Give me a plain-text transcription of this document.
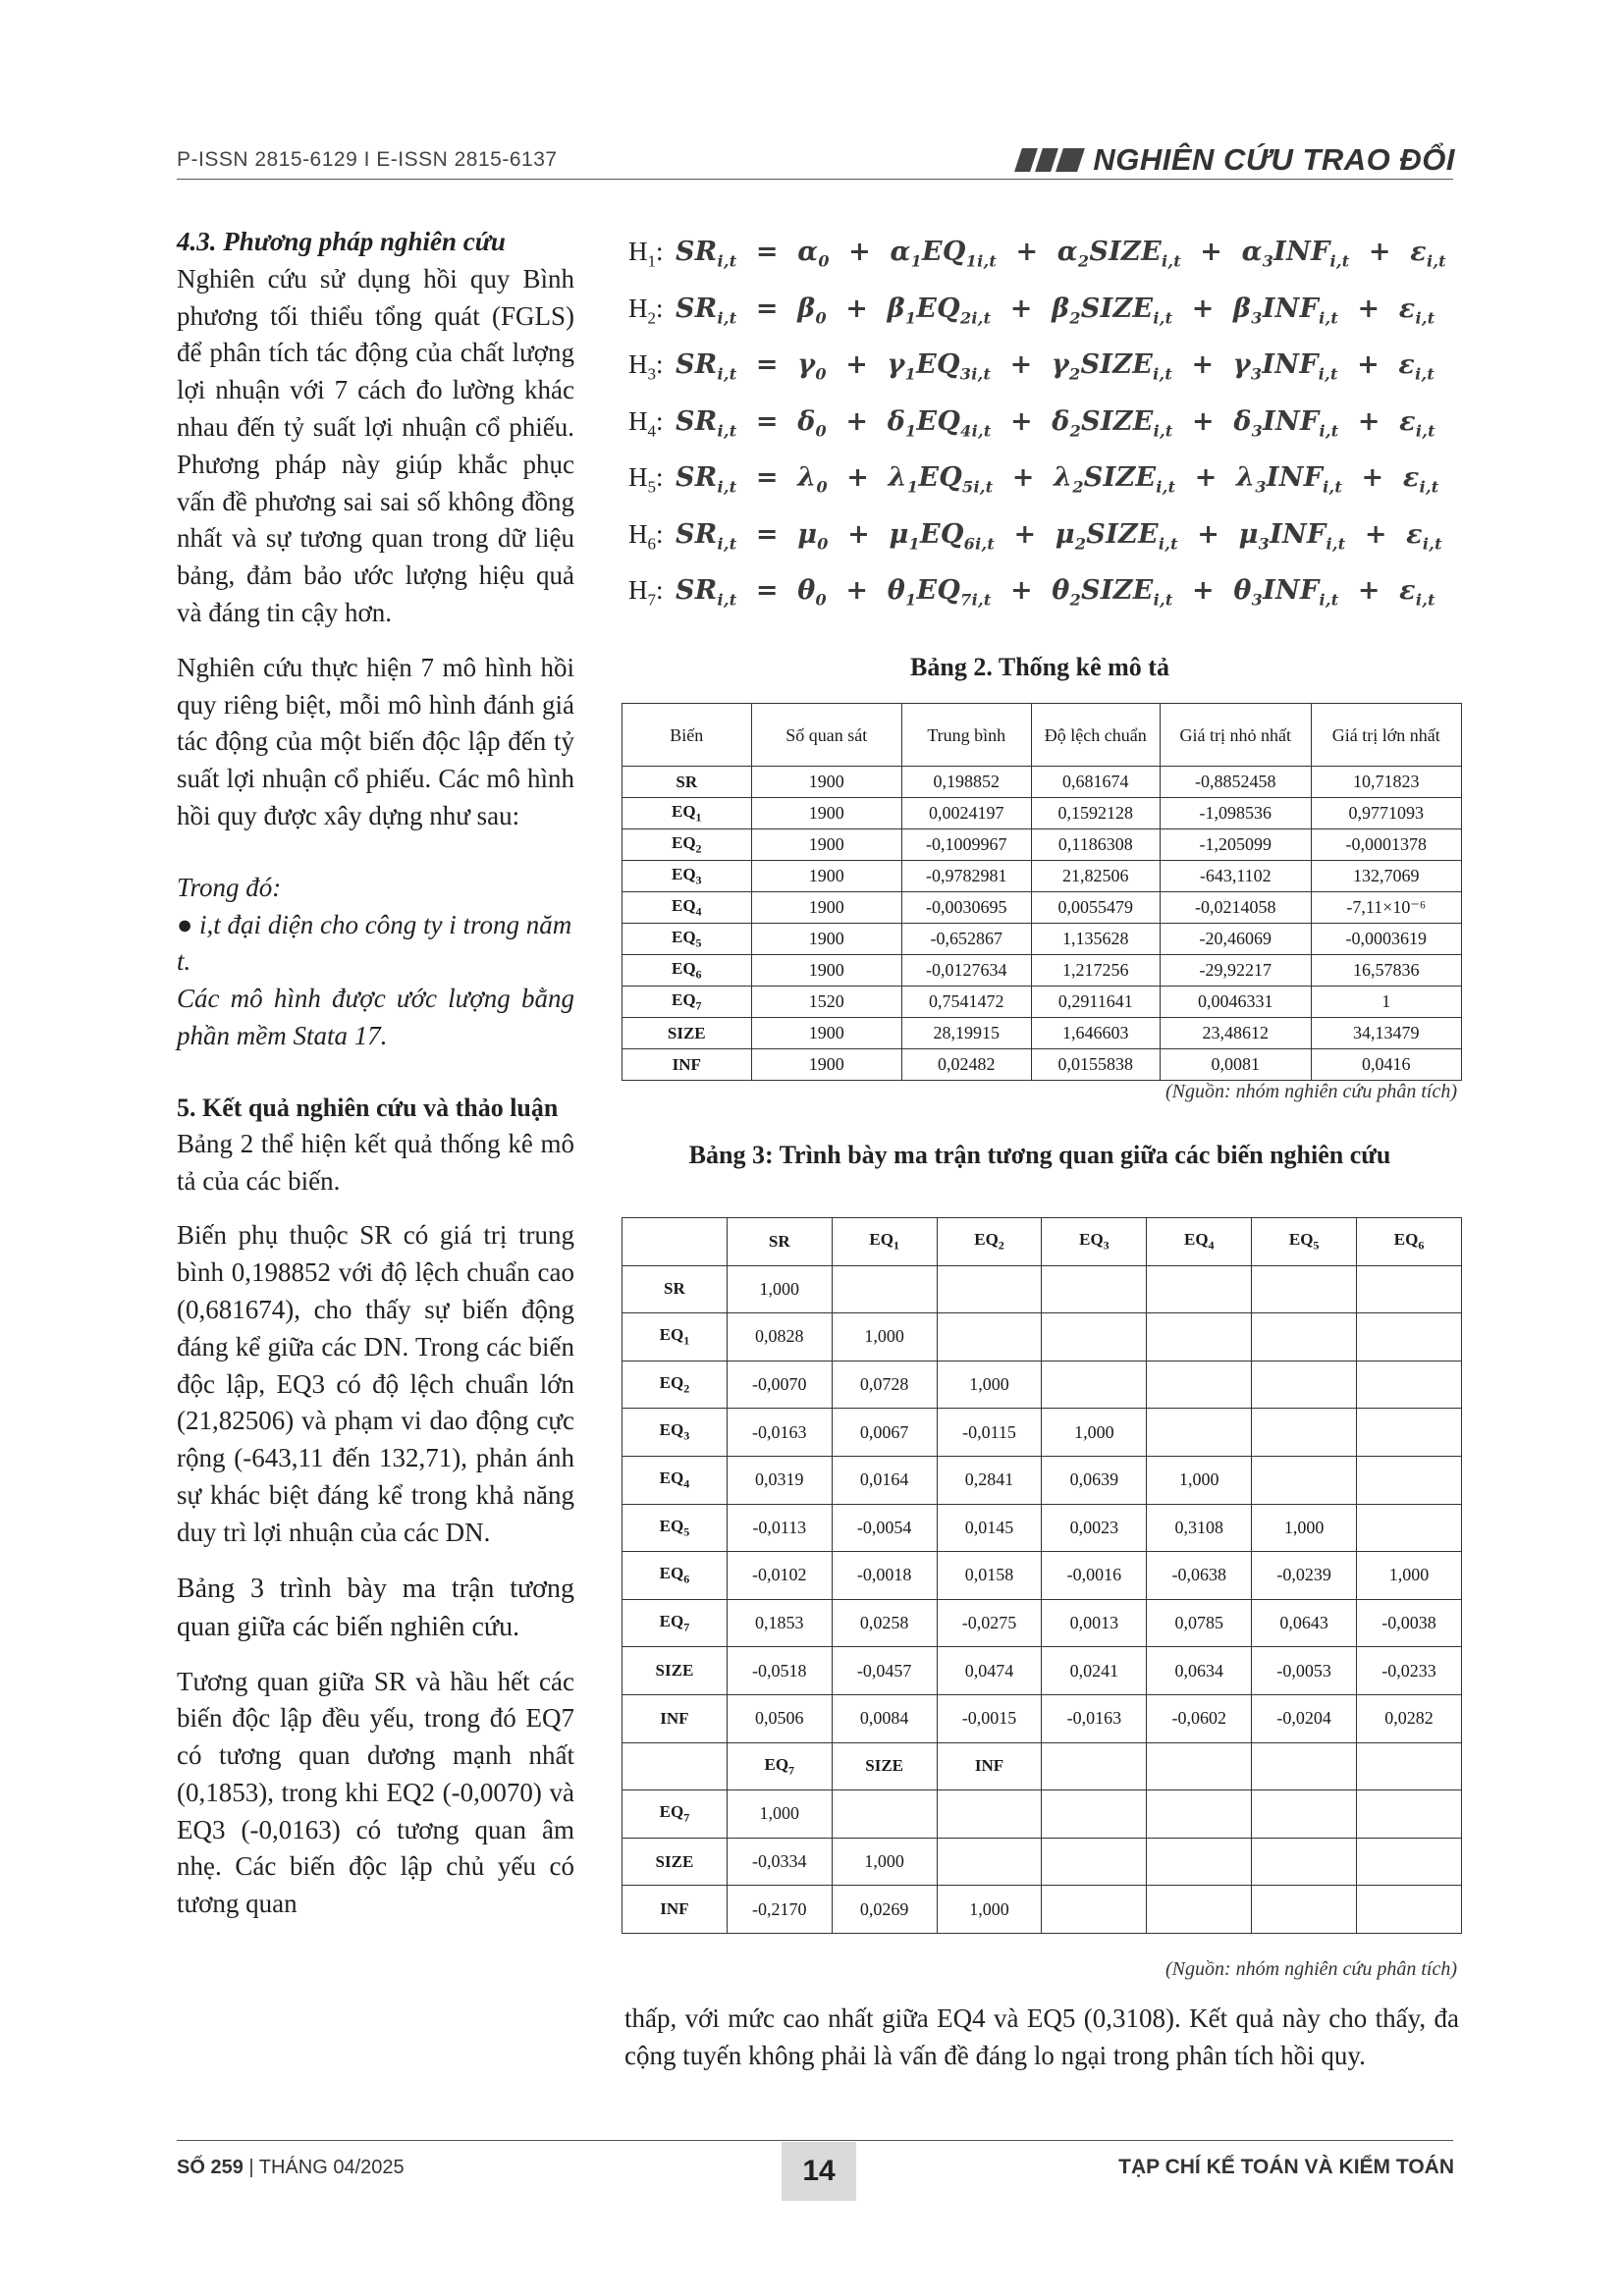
P-ISSN 2815-6129 I E-ISSN 2815-6137	NGHIÊN CỨU TRAO ĐỔI
4.3. Phương pháp nghiên cứu

Nghiên cứu sử dụng hồi quy Bình phương tối thiểu tổng quát (FGLS) để phân tích tác động của chất lượng lợi nhuận với 7 cách đo lường khác nhau đến tỷ suất lợi nhuận cổ phiếu. Phương pháp này giúp khắc phục vấn đề phương sai sai số không đồng nhất và sự tương quan trong dữ liệu bảng, đảm bảo ước lượng hiệu quả và đáng tin cậy hơn.

Nghiên cứu thực hiện 7 mô hình hồi quy riêng biệt, mỗi mô hình đánh giá tác động của một biến độc lập đến tỷ suất lợi nhuận cổ phiếu. Các mô hình hồi quy được xây dựng như sau:

Trong đó:
● i,t đại diện cho công ty i trong năm t.

Các mô hình được ước lượng bằng phần mềm Stata 17.

5. Kết quả nghiên cứu và thảo luận

Bảng 2 thể hiện kết quả thống kê mô tả của các biến.

Biến phụ thuộc SR có giá trị trung bình 0,198852 với độ lệch chuẩn cao (0,681674), cho thấy sự biến động đáng kể giữa các DN. Trong các biến độc lập, EQ3 có độ lệch chuẩn lớn (21,82506) và phạm vi dao động cực rộng (-643,11 đến 132,71), phản ánh sự khác biệt đáng kể trong khả năng duy trì lợi nhuận của các DN.

Bảng 3 trình bày ma trận tương quan giữa các biến nghiên cứu.

Tương quan giữa SR và hầu hết các biến độc lập đều yếu, trong đó EQ7 có tương quan dương mạnh nhất (0,1853), trong khi EQ2 (-0,0070) và EQ3 (-0,0163) có tương quan âm nhẹ. Các biến độc lập chủ yếu có tương quan

$H_1$: $SR_{i,t} = \alpha_0 + \alpha_1EQ_{1i,t}$  +  $\alpha_2SIZE_{i,t} + \alpha_3INF_{i,t} + \varepsilon_{i,t}$
$H_2$: $SR_{i,t} = \beta_0 + \beta_1EQ_{2i,t}$  +  $\beta_2SIZE_{i,t} + \beta_3INF_{i,t} + \varepsilon_{i,t}$
$H_3$: $SR_{i,t} = \gamma_0 + \gamma_1EQ_{3i,t}$  +  $\gamma_2SIZE_{i,t} + \gamma_3INF_{i,t} + \varepsilon_{i,t}$
$H_4$: $SR_{i,t} = \delta_0 + \delta_1EQ_{4i,t}$  +  $\delta_2SIZE_{i,t} + \delta_3INF_{i,t} + \varepsilon_{i,t}$
$H_5$: $SR_{i,t} = \lambda_0 + \lambda_1EQ_{5i,t}$  +  $\lambda_2SIZE_{i,t} + \lambda_3INF_{i,t} + \varepsilon_{i,t}$
$H_6$: $SR_{i,t} = \mu_0 + \mu_1EQ_{6i,t}$  +  $\mu_2SIZE_{i,t} + \mu_3INF_{i,t} + \varepsilon_{i,t}$
$H_7$: $SR_{i,t} = \theta_0 + \theta_1EQ_{7i,t}$  +  $\theta_2SIZE_{i,t} + \theta_3INF_{i,t} + \varepsilon_{i,t}$
Bảng 2. Thống kê mô tả
Biến	Số quan sát	Trung bình	Độ lệch chuẩn	Giá trị nhỏ nhất	Giá trị lớn nhất
SR	1900	0,198852	0,681674	-0,8852458	10,71823
$EQ_1$	1900	0,0024197	0,1592128	-1,098536	0,9771093
$EQ_2$	1900	-0,1009967	0,1186308	-1,205099	-0,0001378
$EQ_3$	1900	-0,9782981	21,82506	-643,1102	132,7069
$EQ_4$	1900	-0,0030695	0,0055479	-0,0214058	-7,11×10⁻⁶
$EQ_5$	1900	-0,652867	1,135628	-20,46069	-0,0003619
$EQ_6$	1900	-0,0127634	1,217256	-29,92217	16,57836
$EQ_7$	1520	0,7541472	0,2911641	0,0046331	1
SIZE	1900	28,19915	1,646603	23,48612	34,13479
INF	1900	0,02482	0,0155838	0,0081	0,0416
(Nguồn: nhóm nghiên cứu phân tích)
Bảng 3: Trình bày ma trận tương quan giữa các biến nghiên cứu
	SR	$EQ_1$	$EQ_2$	$EQ_3$	$EQ_4$	$EQ_5$	$EQ_6$
SR	1,000						
$EQ_1$	0,0828	1,000					
$EQ_2$	-0,0070	0,0728	1,000				
$EQ_3$	-0,0163	0,0067	-0,0115	1,000			
$EQ_4$	0,0319	0,0164	0,2841	0,0639	1,000		
$EQ_5$	-0,0113	-0,0054	0,0145	0,0023	0,3108	1,000	
$EQ_6$	-0,0102	-0,0018	0,0158	-0,0016	-0,0638	-0,0239	1,000
$EQ_7$	0,1853	0,0258	-0,0275	0,0013	0,0785	0,0643	-0,0038
SIZE	-0,0518	-0,0457	0,0474	0,0241	0,0634	-0,0053	-0,0233
INF	0,0506	0,0084	-0,0015	-0,0163	-0,0602	-0,0204	0,0282
	$EQ_7$	SIZE	INF				
$EQ_7$	1,000						
SIZE	-0,0334	1,000					
INF	-0,2170	0,0269	1,000				
(Nguồn: nhóm nghiên cứu phân tích)
thấp, với mức cao nhất giữa EQ4 và EQ5 (0,3108). Kết quả này cho thấy, đa cộng tuyến không phải là vấn đề đáng lo ngại trong phân tích hồi quy.
SỐ 259 | THÁNG 04/2025	14	TẠP CHÍ KẾ TOÁN VÀ KIỂM TOÁN
